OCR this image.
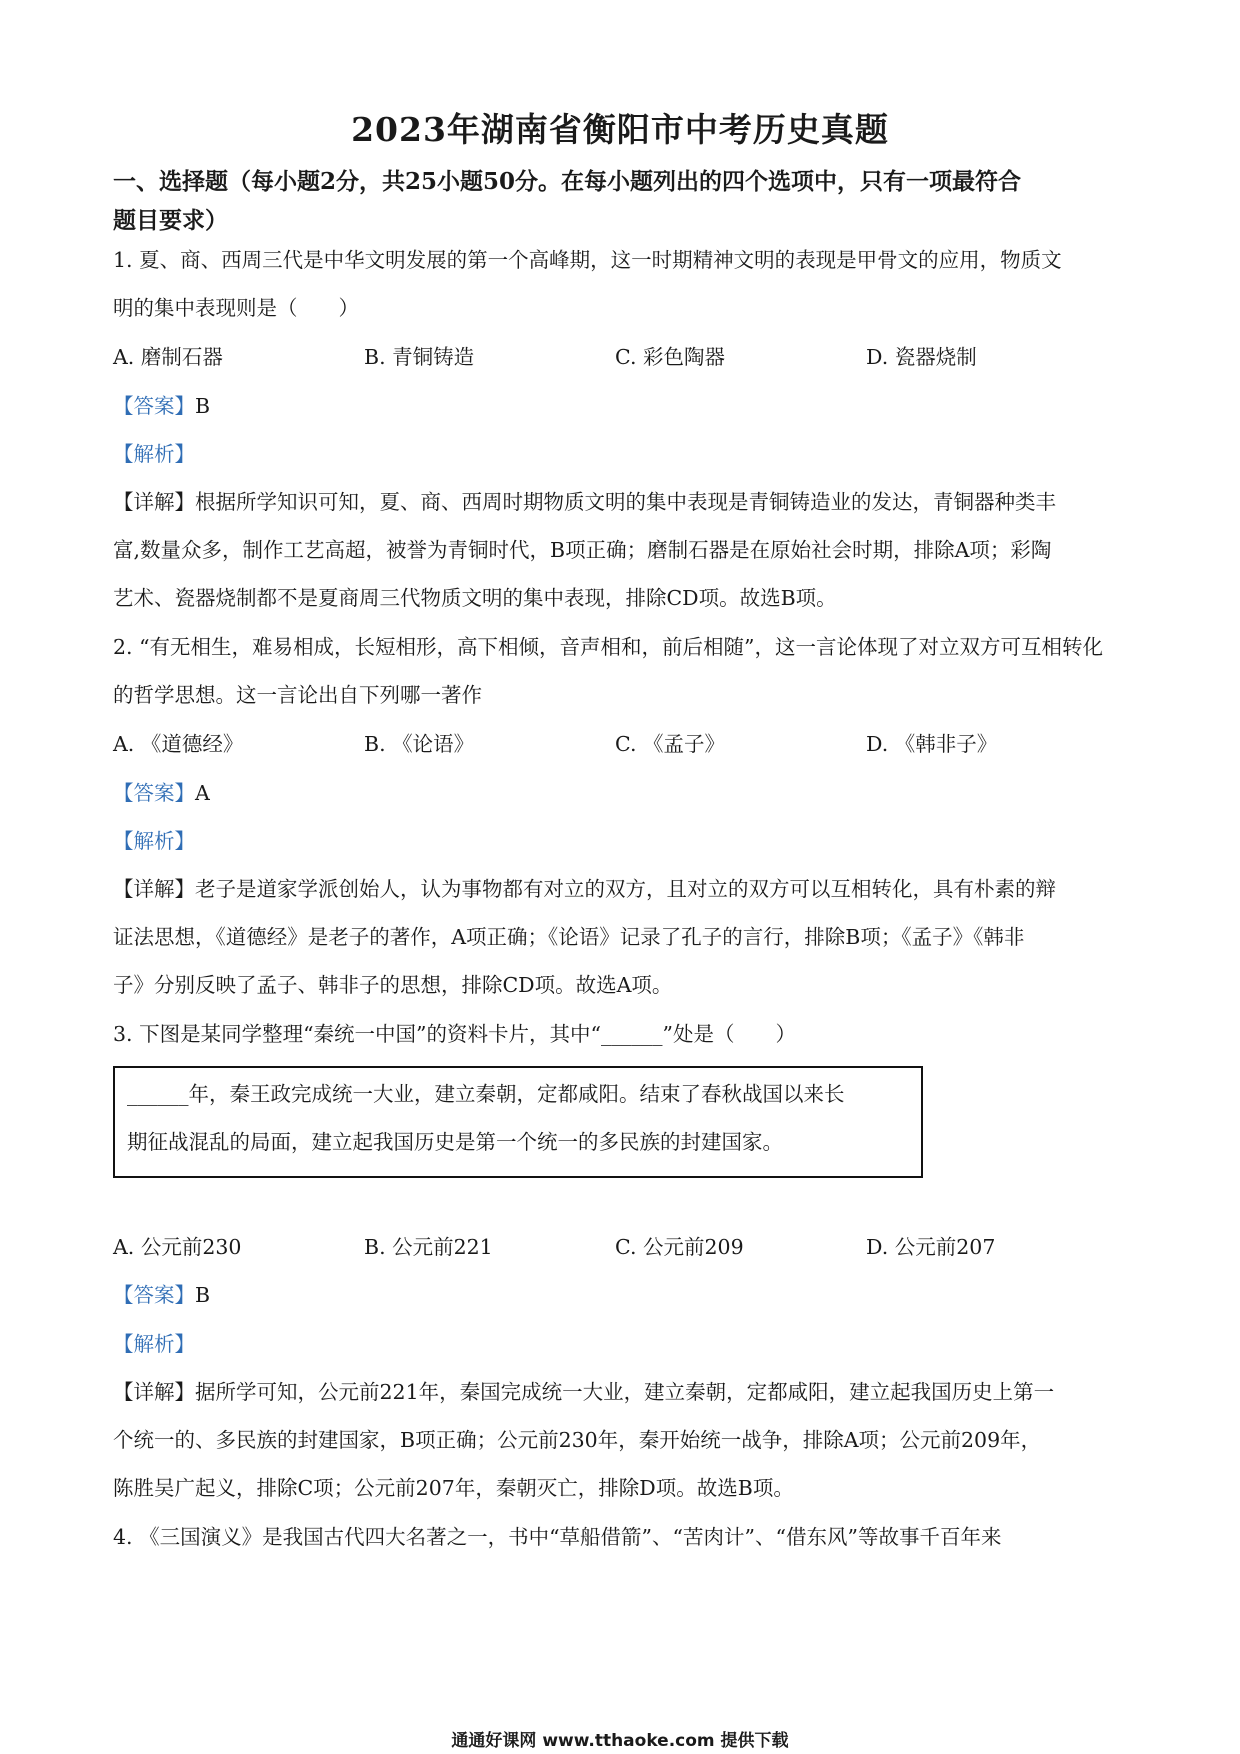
2023年湖南省衡阳市中考历史真题
一、选择题（每小题2分，共25小题50分。在每小题列出的四个选项中，只有一项最符合
题目要求）
1. 夏、商、西周三代是中华文明发展的第一个高峰期，这一时期精神文明的表现是甲骨文的应用，物质文
明的集中表现则是（　　）
A. 磨制石器	B. 青铜铸造	C. 彩色陶器	D. 瓷器烧制
【答案】B
【解析】
【详解】根据所学知识可知，夏、商、西周时期物质文明的集中表现是青铜铸造业的发达，青铜器种类丰
富,数量众多，制作工艺高超，被誉为青铜时代，B项正确；磨制石器是在原始社会时期，排除A项；彩陶
艺术、瓷器烧制都不是夏商周三代物质文明的集中表现，排除CD项。故选B项。
2. “有无相生，难易相成，长短相形，高下相倾，音声相和，前后相随”，这一言论体现了对立双方可互相转化
的哲学思想。这一言论出自下列哪一著作
A. 《道德经》	B. 《论语》	C. 《孟子》	D. 《韩非子》
【答案】A
【解析】
【详解】老子是道家学派创始人，认为事物都有对立的双方，且对立的双方可以互相转化，具有朴素的辩
证法思想，《道德经》是老子的著作，A项正确；《论语》记录了孔子的言行，排除B项；《孟子》《韩非
子》分别反映了孟子、韩非子的思想，排除CD项。故选A项。
3. 下图是某同学整理“秦统一中国”的资料卡片，其中“______”处是（　　）
______年，秦王政完成统一大业，建立秦朝，定都咸阳。结束了春秋战国以来长
期征战混乱的局面，建立起我国历史是第一个统一的多民族的封建国家。
A. 公元前230	B. 公元前221	C. 公元前209	D. 公元前207
【答案】B
【解析】
【详解】据所学可知，公元前221年，秦国完成统一大业，建立秦朝，定都咸阳，建立起我国历史上第一
个统一的、多民族的封建国家，B项正确；公元前230年，秦开始统一战争，排除A项；公元前209年，
陈胜吴广起义，排除C项；公元前207年，秦朝灭亡，排除D项。故选B项。
4. 《三国演义》是我国古代四大名著之一，书中“草船借箭”、“苦肉计”、“借东风”等故事千百年来
通通好课网 www.tthaoke.com 提供下载
